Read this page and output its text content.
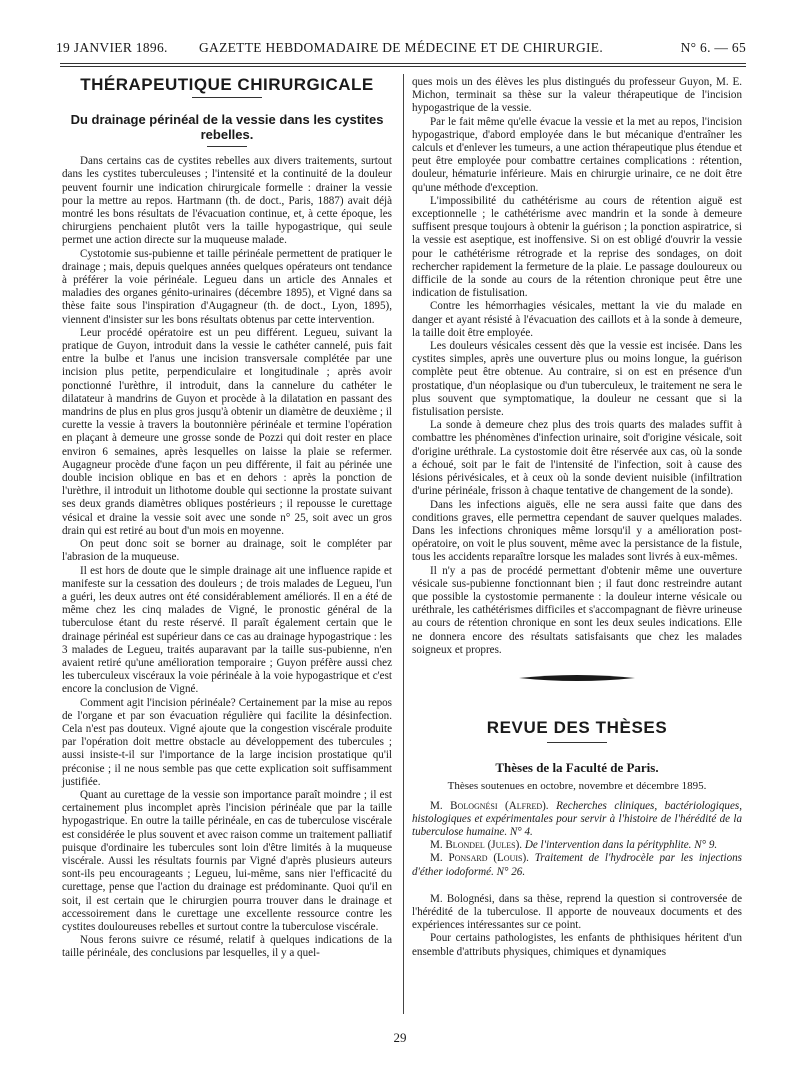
19 JANVIER 1896.	GAZETTE HEBDOMADAIRE DE MÉDECINE ET DE CHIRURGIE.	N° 6. — 65
THÉRAPEUTIQUE CHIRURGICALE
Du drainage périnéal de la vessie dans les cystites rebelles.

Dans certains cas de cystites rebelles aux divers traitements, surtout dans les cystites tuberculeuses ; l'intensité et la continuité de la douleur peuvent fournir une indication chirurgicale formelle : drainer la vessie pour la mettre au repos. Hartmann (th. de doct., Paris, 1887) avait déjà montré les bons résultats de l'évacuation continue, et, à cette époque, les chirurgiens penchaient plutôt vers la taille hypogastrique, qui seule permet une action directe sur la muqueuse malade.

Cystotomie sus-pubienne et taille périnéale permettent de pratiquer le drainage ; mais, depuis quelques années quelques opérateurs ont tendance à préférer la voie périnéale. Legueu dans un article des Annales et maladies des organes génito-urinaires (décembre 1895), et Vigné dans sa thèse faite sous l'inspiration d'Augagneur (th. de doct., Lyon, 1895), viennent d'insister sur les bons résultats obtenus par cette intervention.

Leur procédé opératoire est un peu différent. Legueu, suivant la pratique de Guyon, introduit dans la vessie le cathéter cannelé, puis fait entre la bulbe et l'anus une incision transversale complétée par une incision plus petite, perpendiculaire et longitudinale ; après avoir ponctionné l'urèthre, il introduit, dans la cannelure du cathéter le dilatateur à mandrins de Guyon et procède à la dilatation en passant des mandrins de plus en plus gros jusqu'à obtenir un diamètre de deuxième ; il curette la vessie à travers la boutonnière périnéale et termine l'opération en plaçant à demeure une grosse sonde de Pozzi qui doit rester en place environ 6 semaines, après lesquelles on laisse la plaie se refermer. Augagneur procède d'une façon un peu différente, il fait au périnée une double incision oblique en bas et en dehors : après la ponction de l'urèthre, il introduit un lithotome double qui sectionne la prostate suivant ses deux grands diamètres obliques postérieurs ; il repousse le curettage vésical et draine la vessie soit avec une sonde n° 25, soit avec un gros drain qui est retiré au bout d'un mois en moyenne.

On peut donc soit se borner au drainage, soit le compléter par l'abrasion de la muqueuse.

Il est hors de doute que le simple drainage ait une influence rapide et manifeste sur la cessation des douleurs ; de trois malades de Legueu, l'un a guéri, les deux autres ont été considérablement améliorés. Il en a été de même chez les cinq malades de Vigné, le pronostic général de la tuberculose étant du reste réservé. Il paraît également certain que le drainage périnéal est supérieur dans ce cas au drainage hypogastrique : les 3 malades de Legueu, traités auparavant par la taille sus-pubienne, n'en avaient retiré qu'une amélioration temporaire ; Guyon préfère aussi chez les tuberculeux viscéraux la voie périnéale à la voie hypogastrique et c'est encore la conclusion de Vigné.

Comment agit l'incision périnéale? Certainement par la mise au repos de l'organe et par son évacuation régulière qui facilite la désinfection. Cela n'est pas douteux. Vigné ajoute que la congestion viscérale produite par l'opération doit mettre obstacle au développement des tubercules ; aussi insiste-t-il sur l'importance de la large incision prostatique qu'il préconise ; il ne nous semble pas que cette explication soit suffisamment justifiée.

Quant au curettage de la vessie son importance paraît moindre ; il est certainement plus incomplet après l'incision périnéale que par la taille hypogastrique. En outre la taille périnéale, en cas de tuberculose viscérale est considérée le plus souvent et avec raison comme un traitement palliatif puisque d'ordinaire les tubercules sont loin d'être limités à la muqueuse viscérale. Aussi les résultats fournis par Vigné d'après plusieurs auteurs sont-ils peu encourageants ; Legueu, lui-même, sans nier l'efficacité du curettage, pense que l'action du drainage est prédominante. Quoi qu'il en soit, il est certain que le chirurgien pourra trouver dans le drainage et accessoirement dans le curettage une excellente ressource contre les cystites douloureuses rebelles et surtout contre la tuberculose viscérale.

Nous ferons suivre ce résumé, relatif à quelques indications de la taille périnéale, des conclusions par lesquelles, il y a quel-

ques mois un des élèves les plus distingués du professeur Guyon, M. E. Michon, terminait sa thèse sur la valeur thérapeutique de l'incision hypogastrique de la vessie.

Par le fait même qu'elle évacue la vessie et la met au repos, l'incision hypogastrique, d'abord employée dans le but mécanique d'entraîner les calculs et d'enlever les tumeurs, a une action thérapeutique plus étendue et peut être employée pour combattre certaines complications : rétention, douleur, hématurie inférieure. Mais en chirurgie urinaire, ce ne doit être qu'une méthode d'exception.

L'impossibilité du cathétérisme au cours de rétention aiguë est exceptionnelle ; le cathétérisme avec mandrin et la sonde à demeure suffisent presque toujours à obtenir la guérison ; la ponction aspiratrice, si la vessie est aseptique, est inoffensive. Si on est obligé d'ouvrir la vessie pour le cathétérisme rétrograde et la reprise des sondages, on doit rechercher rapidement la fermeture de la plaie. Le passage douloureux ou difficile de la sonde au cours de la rétention chronique peut être une indication de fistulisation.

Contre les hémorrhagies vésicales, mettant la vie du malade en danger et ayant résisté à l'évacuation des caillots et à la sonde à demeure, la taille doit être employée.

Les douleurs vésicales cessent dès que la vessie est incisée. Dans les cystites simples, après une ouverture plus ou moins longue, la guérison complète peut être obtenue. Au contraire, si on est en présence d'un prostatique, d'un néoplasique ou d'un tuberculeux, le traitement ne sera le plus souvent que symptomatique, la douleur ne cessant que si la fistulisation persiste.

La sonde à demeure chez plus des trois quarts des malades suffit à combattre les phénomènes d'infection urinaire, soit d'origine vésicale, soit d'origine uréthrale. La cystostomie doit être réservée aux cas, où la sonde a échoué, soit par le fait de l'intensité de l'infection, soit à cause des lésions périvésicales, et à ceux où la sonde devient nuisible (infiltration d'urine périnéale, frisson à chaque tentative de changement de la sonde).

Dans les infections aiguës, elle ne sera aussi faite que dans des conditions graves, elle permettra cependant de sauver quelques malades. Dans les infections chroniques même lorsqu'il y a amélioration post-opératoire, on voit le plus souvent, même avec la persistance de la fistule, tous les accidents reparaître lorsque les malades sont livrés à eux-mêmes.

Il n'y a pas de procédé permettant d'obtenir même une ouverture vésicale sus-pubienne fonctionnant bien ; il faut donc restreindre autant que possible la cystostomie permanente : la douleur interne vésicale ou uréthrale, les cathétérismes difficiles et s'accompagnant de fièvre urineuse au cours de rétention chronique en sont les deux seules indications. Elle ne donnera encore des résultats satisfaisants que chez les malades soigneux et propres.

REVUE DES THÈSES
Thèses de la Faculté de Paris.
Thèses soutenues en octobre, novembre et décembre 1895.

M. Bolognési (Alfred). Recherches cliniques, bactériologiques, histologiques et expérimentales pour servir à l'histoire de l'hérédité de la tuberculose humaine. N° 4.

M. Blondel (Jules). De l'intervention dans la pérityphlite. N° 9.

M. Ponsard (Louis). Traitement de l'hydrocèle par les injections d'éther iodoformé. N° 26.

M. Bolognési, dans sa thèse, reprend la question si controversée de l'hérédité de la tuberculose. Il apporte de nouveaux documents et des expériences intéressantes sur ce point.

Pour certains pathologistes, les enfants de phthisiques héritent d'un ensemble d'attributs physiques, chimiques et dynamiques

29
